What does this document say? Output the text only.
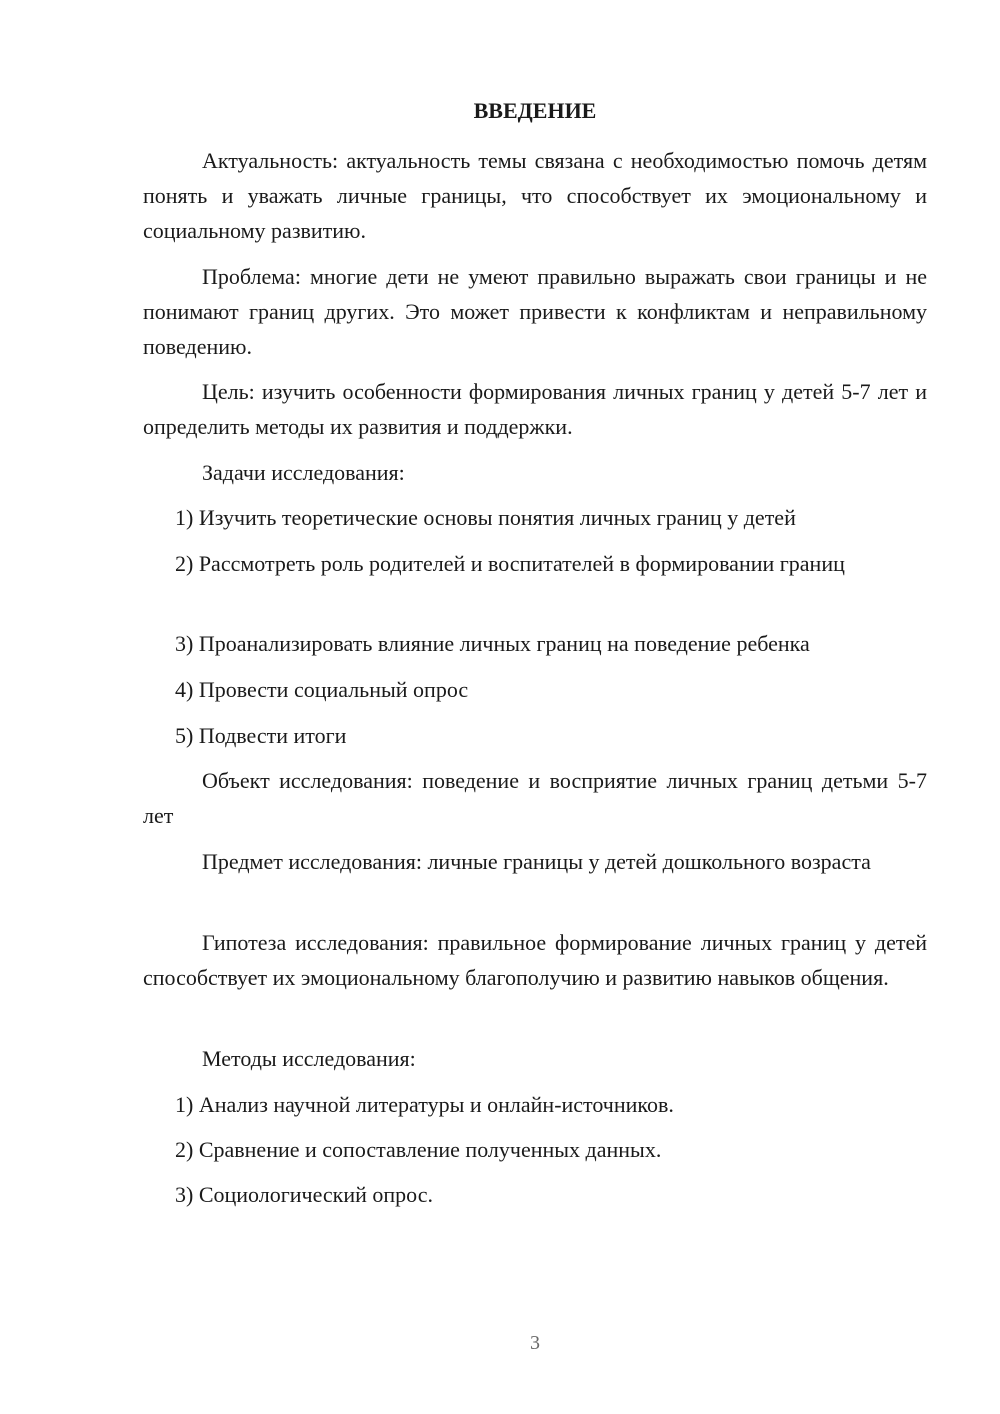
ВВЕДЕНИЕ

Актуальность: актуальность темы связана с необходимостью помочь детям понять и уважать личные границы, что способствует их эмоциональному и социальному развитию.

Проблема: многие дети не умеют правильно выражать свои границы и не понимают границ других. Это может привести к конфликтам и неправильному поведению.

Цель: изучить особенности формирования личных границ у детей 5-7 лет и определить методы их развития и поддержки.

Задачи исследования:

1) Изучить теоретические основы понятия личных границ у детей

2) Рассмотреть роль родителей и воспитателей в формировании границ

3) Проанализировать влияние личных границ на поведение ребенка

4) Провести социальный опрос

5) Подвести итоги

Объект исследования: поведение и восприятие личных границ детьми 5-7 лет

Предмет исследования: личные границы у детей дошкольного возраста

Гипотеза исследования: правильное формирование личных границ у детей способствует их эмоциональному благополучию и развитию навыков общения.

Методы исследования:

1) Анализ научной литературы и онлайн-источников.

2) Сравнение и сопоставление полученных данных.

3) Социологический опрос.

3
